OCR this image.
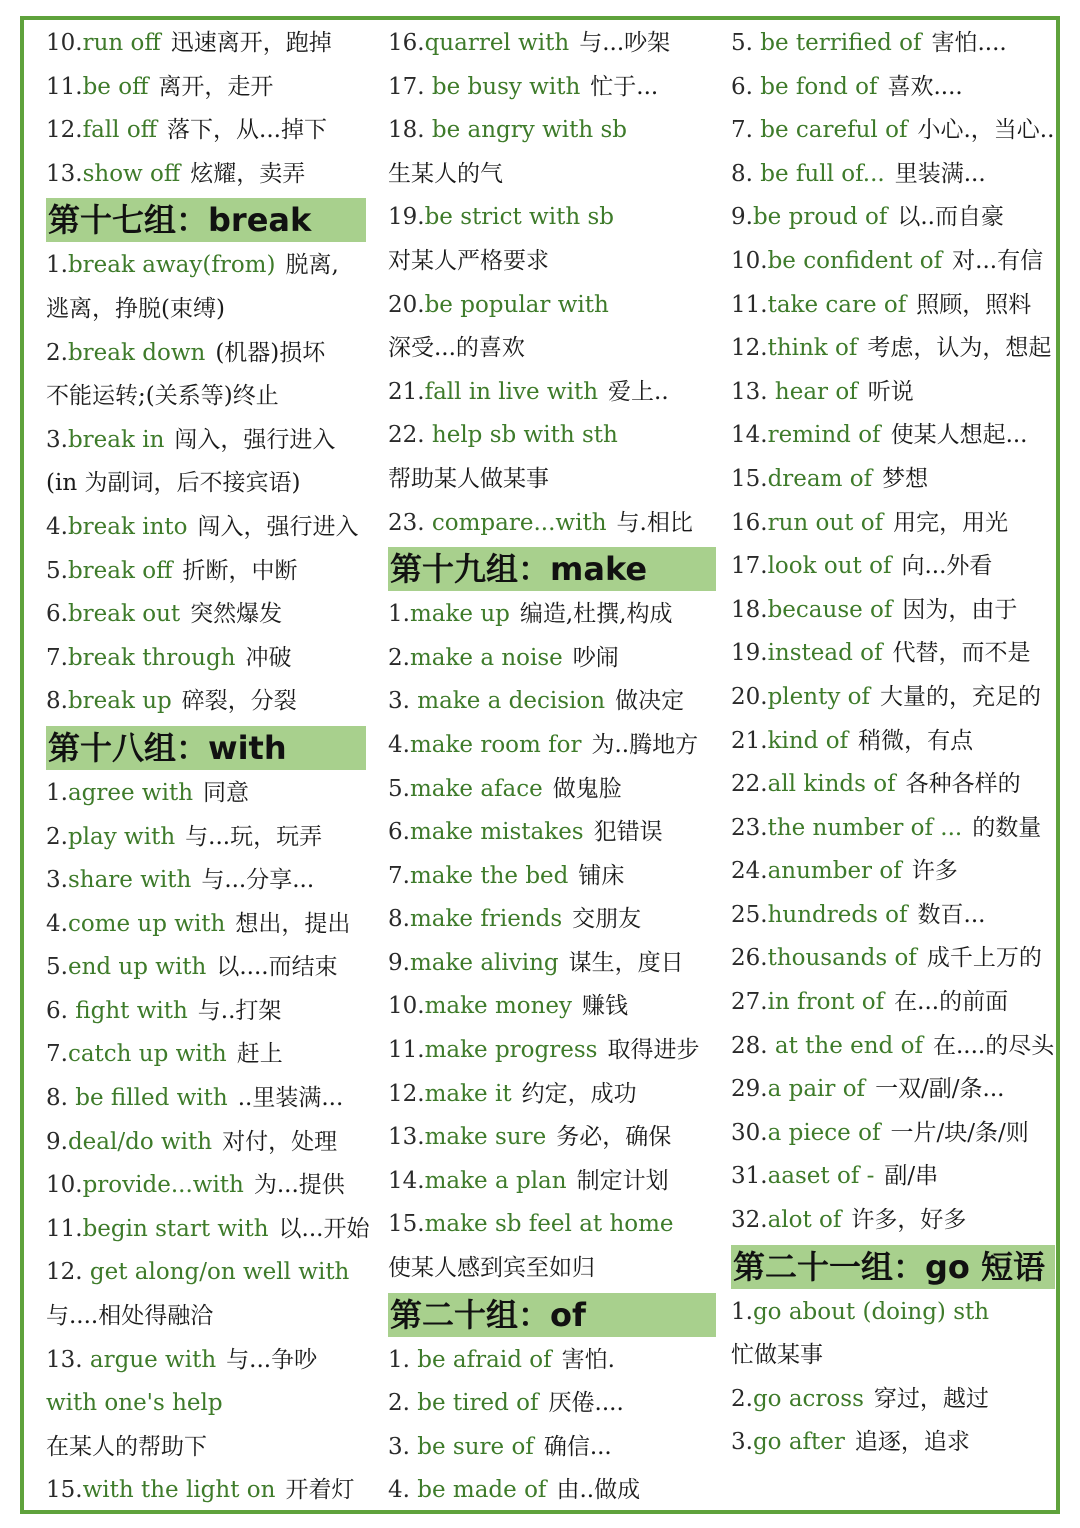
10.run off 迅速离开，跑掉
11.be off 离开，走开
12.fall off 落下，从...掉下
13.show off 炫耀，卖弄
第十七组：break
1.break away(from) 脱离,
逃离，挣脱(束缚)
2.break down (机器)损坏
不能运转;(关系等)终止
3.break in 闯入，强行进入
(in 为副词，后不接宾语)
4.break into 闯入，强行进入
5.break off 折断，中断
6.break out 突然爆发
7.break through 冲破
8.break up 碎裂，分裂
第十八组：with
1.agree with 同意
2.play with 与...玩，玩弄
3.share with 与...分享...
4.come up with 想出，提出
5.end up with 以....而结束
6. fight with 与..打架
7.catch up with 赶上
8. be filled with ..里装满...
9.deal/do with 对付，处理
10.provide...with 为...提供
11.begin start with 以...开始
12. get along/on well with
与....相处得融洽
13. argue with 与...争吵
with one's help
在某人的帮助下
15.with the light on 开着灯
16.quarrel with 与...吵架
17. be busy with 忙于...
18. be angry with sb
生某人的气
19.be strict with sb
对某人严格要求
20.be popular with
深受...的喜欢
21.fall in live with 爱上..
22. help sb with sth
帮助某人做某事
23. compare...with 与.相比
第十九组：make
1.make up 编造,杜撰,构成
2.make a noise 吵闹
3. make a decision 做决定
4.make room for 为..腾地方
5.make aface 做鬼脸
6.make mistakes 犯错误
7.make the bed 铺床
8.make friends 交朋友
9.make aliving 谋生，度日
10.make money 赚钱
11.make progress 取得进步
12.make it 约定，成功
13.make sure 务必，确保
14.make a plan 制定计划
15.make sb feel at home
使某人感到宾至如归
第二十组：of
1. be afraid of 害怕.
2. be tired of 厌倦....
3. be sure of 确信...
4. be made of 由..做成
5. be terrified of 害怕....
6. be fond of 喜欢....
7. be careful of 小心.，当心..
8. be full of... 里装满...
9.be proud of 以..而自豪
10.be confident of 对...有信
11.take care of 照顾，照料
12.think of 考虑，认为，想起
13. hear of 听说
14.remind of 使某人想起...
15.dream of 梦想
16.run out of 用完，用光
17.look out of 向...外看
18.because of 因为，由于
19.instead of 代替，而不是
20.plenty of 大量的，充足的
21.kind of 稍微，有点
22.all kinds of 各种各样的
23.the number of ... 的数量
24.anumber of 许多
25.hundreds of 数百...
26.thousands of 成千上万的
27.in front of 在...的前面
28. at the end of 在....的尽头
29.a pair of 一双/副/条...
30.a piece of 一片/块/条/则
31.aaset of - 副/串
32.alot of 许多，好多
第二十一组：go 短语
1.go about (doing) sth
忙做某事
2.go across 穿过，越过
3.go after 追逐，追求
